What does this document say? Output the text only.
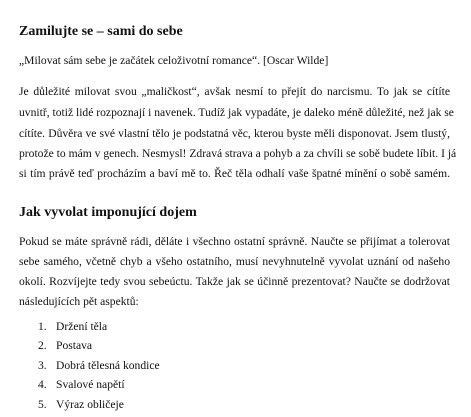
Zamilujte se – sami do sebe

„Milovat sám sebe je začátek celoživotní romance“. [Oscar Wilde]

Je důležité milovat svou „maličkost“, avšak nesmí to přejít do narcismu. To jak se cítíte

uvnitř, totiž lidé rozpoznají i navenek. Tudíž jak vypadáte, je daleko méně důležité, než jak se

cítíte. Důvěra ve své vlastní tělo je podstatná věc, kterou byste měli disponovat. Jsem tlustý,

protože to mám v genech. Nesmysl! Zdravá strava a pohyb a za chvíli se sobě budete líbit. I já

si tím právě teď procházím a baví mě to. Řeč těla odhalí vaše špatné mínění o sobě samém.

Jak vyvolat imponující dojem

Pokud se máte správně rádi, děláte i všechno ostatní správně. Naučte se přijímat a tolerovat

sebe samého, včetně chyb a všeho ostatního, musí nevyhnutelně vyvolat uznání od našeho

okolí. Rozvíjejte tedy svou sebeúctu. Takže jak se účinně prezentovat? Naučte se dodržovat

následujících pět aspektů:

1. Držení těla
2. Postava
3. Dobrá tělesná kondice
4. Svalové napětí
5. Výraz obličeje
